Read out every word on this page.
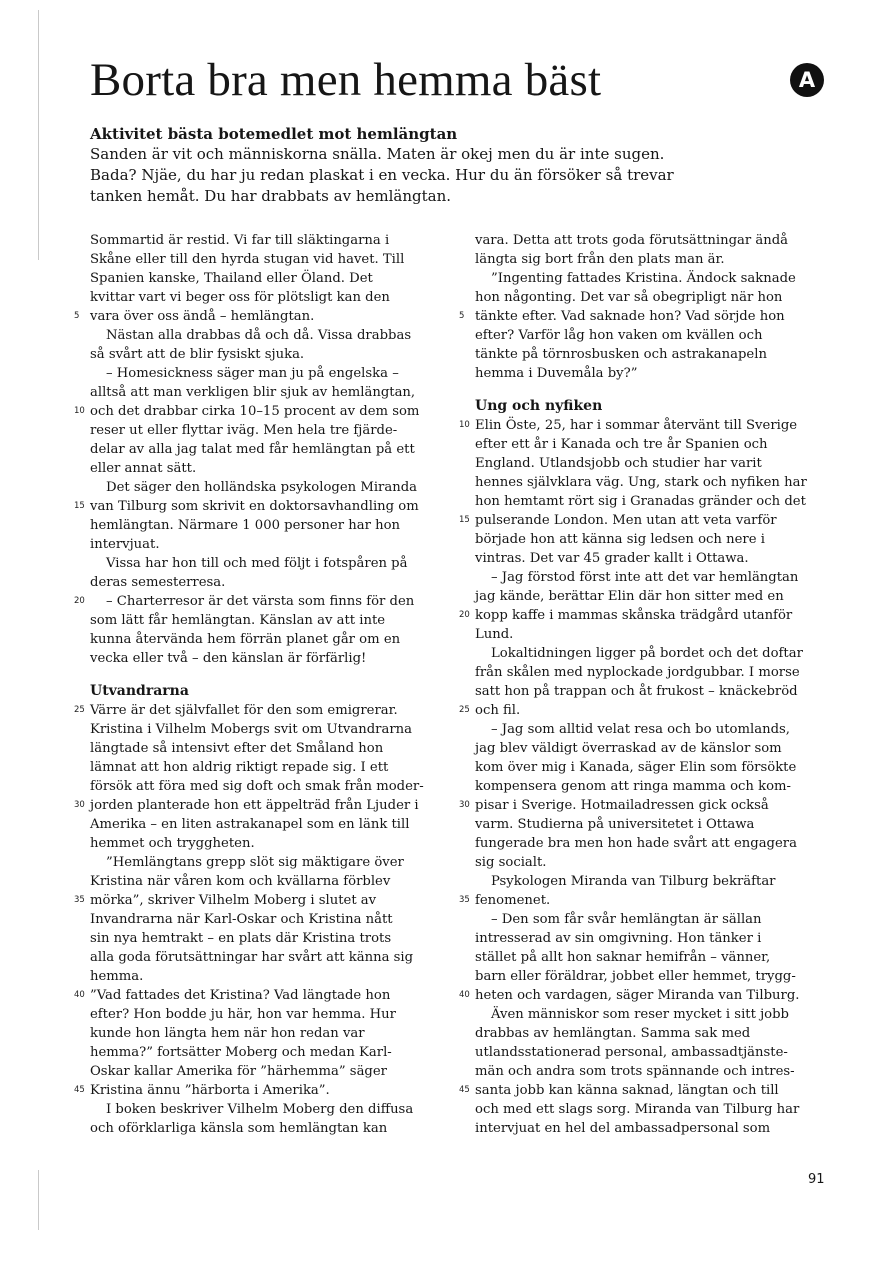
Borta bra men hemma bäst	A
Aktivitet bästa botemedlet mot hemlängtan

Sanden är vit och människorna snälla. Maten är okej men du är inte sugen.

Bada? Njäe, du har ju redan plaskat i en vecka. Hur du än försöker så trevar

tanken hemåt. Du har drabbats av hemlängtan.

Sommartid är restid. Vi far till släktingarna i
Skåne eller till den hyrda stugan vid havet. Till
Spanien kanske, Thailand eller Öland. Det
kvittar vart vi beger oss för plötsligt kan den
5 vara över oss ändå – hemlängtan.
Nästan alla drabbas då och då. Vissa drabbas
så svårt att de blir fysiskt sjuka.
– Homesickness säger man ju på engelska –
alltså att man verkligen blir sjuk av hemlängtan,
10 och det drabbar cirka 10–15 procent av dem som
reser ut eller flyttar iväg. Men hela tre fjärde-
delar av alla jag talat med får hemlängtan på ett
eller annat sätt.
Det säger den holländska psykologen Miranda
15 van Tilburg som skrivit en doktorsavhandling om
hemlängtan. Närmare 1 000 personer har hon
intervjuat.
Vissa har hon till och med följt i fotspåren på
deras semesterresa.
20 – Charterresor är det värsta som finns för den
som lätt får hemlängtan. Känslan av att inte
kunna återvända hem förrän planet går om en
vecka eller två – den känslan är förfärlig!
Utvandrarna
25 Värre är det självfallet för den som emigrerar.
Kristina i Vilhelm Mobergs svit om Utvandrarna
längtade så intensivt efter det Småland hon
lämnat att hon aldrig riktigt repade sig. I ett
försök att föra med sig doft och smak från moder-
30 jorden planterade hon ett äppelträd från Ljuder i
Amerika – en liten astrakanapel som en länk till
hemmet och tryggheten.
”Hemlängtans grepp slöt sig mäktigare över
Kristina när våren kom och kvällarna förblev
35 mörka”, skriver Vilhelm Moberg i slutet av
Invandrarna när Karl-Oskar och Kristina nått
sin nya hemtrakt – en plats där Kristina trots
alla goda förutsättningar har svårt att känna sig
hemma.
40 ”Vad fattades det Kristina? Vad längtade hon
efter? Hon bodde ju här, hon var hemma. Hur
kunde hon längta hem när hon redan var
hemma?” fortsätter Moberg och medan Karl-
Oskar kallar Amerika för ”härhemma” säger
45 Kristina ännu ”härborta i Amerika”.
I boken beskriver Vilhelm Moberg den diffusa
och oförklarliga känsla som hemlängtan kan
vara. Detta att trots goda förutsättningar ändå
längta sig bort från den plats man är.
”Ingenting fattades Kristina. Ändock saknade
hon någonting. Det var så obegripligt när hon
5 tänkte efter. Vad saknade hon? Vad sörjde hon
efter? Varför låg hon vaken om kvällen och
tänkte på törnrosbusken och astrakanapeln
hemma i Duvemåla by?”
Ung och nyfiken
10 Elin Öste, 25, har i sommar återvänt till Sverige
efter ett år i Kanada och tre år Spanien och
England. Utlandsjobb och studier har varit
hennes självklara väg. Ung, stark och nyfiken har
hon hemtamt rört sig i Granadas gränder och det
15 pulserande London. Men utan att veta varför
började hon att känna sig ledsen och nere i
vintras. Det var 45 grader kallt i Ottawa.
– Jag förstod först inte att det var hemlängtan
jag kände, berättar Elin där hon sitter med en
20 kopp kaffe i mammas skånska trädgård utanför
Lund.
Lokaltidningen ligger på bordet och det doftar
från skålen med nyplockade jordgubbar. I morse
satt hon på trappan och åt frukost – knäckebröd
25 och fil.
– Jag som alltid velat resa och bo utomlands,
jag blev väldigt överraskad av de känslor som
kom över mig i Kanada, säger Elin som försökte
kompensera genom att ringa mamma och kom-
30 pisar i Sverige. Hotmailadressen gick också
varm. Studierna på universitetet i Ottawa
fungerade bra men hon hade svårt att engagera
sig socialt.
Psykologen Miranda van Tilburg bekräftar
35 fenomenet.
– Den som får svår hemlängtan är sällan
intresserad av sin omgivning. Hon tänker i
stället på allt hon saknar hemifrån – vänner,
barn eller föräldrar, jobbet eller hemmet, trygg-
40 heten och vardagen, säger Miranda van Tilburg.
Även människor som reser mycket i sitt jobb
drabbas av hemlängtan. Samma sak med
utlandsstationerad personal, ambassadtjänste-
män och andra som trots spännande och intres-
45 santa jobb kan känna saknad, längtan och till
och med ett slags sorg. Miranda van Tilburg har
intervjuat en hel del ambassadpersonal som
91
